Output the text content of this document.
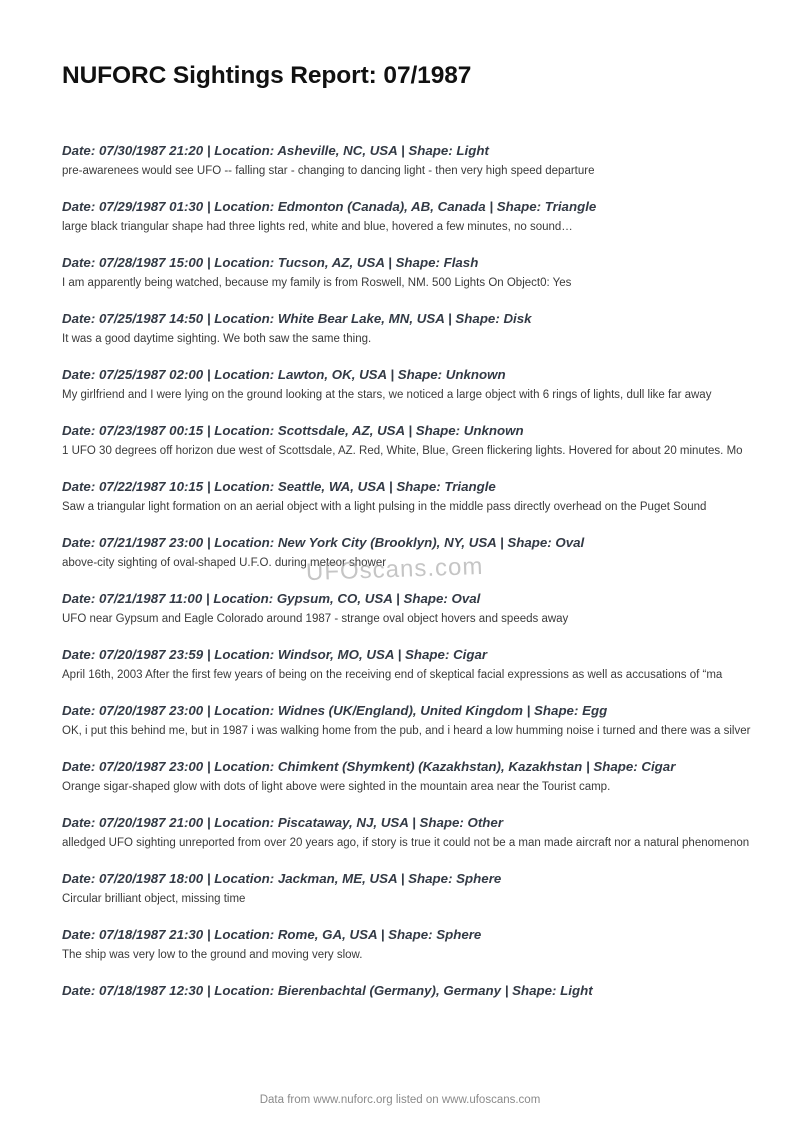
NUFORC Sightings Report: 07/1987

Date: 07/30/1987 21:20 | Location: Asheville, NC, USA | Shape: Light

pre-awarenees would see UFO -- falling star - changing to dancing light - then very high speed departure

Date: 07/29/1987 01:30 | Location: Edmonton (Canada), AB, Canada | Shape: Triangle

large black triangular shape had three lights red, white and blue, hovered a few minutes, no sound…

Date: 07/28/1987 15:00 | Location: Tucson, AZ, USA | Shape: Flash

I am apparently being watched, because my family is from Roswell, NM. 500 Lights On Object0: Yes

Date: 07/25/1987 14:50 | Location: White Bear Lake, MN, USA | Shape: Disk

It was a good daytime sighting. We both saw the same thing.

Date: 07/25/1987 02:00 | Location: Lawton, OK, USA | Shape: Unknown

My girlfriend and I were lying on the ground looking at the stars, we noticed a large object with 6 rings of lights, dull like far away

Date: 07/23/1987 00:15 | Location: Scottsdale, AZ, USA | Shape: Unknown

1 UFO 30 degrees off horizon due west of Scottsdale, AZ. Red, White, Blue, Green flickering lights. Hovered for about 20 minutes. Mo

Date: 07/22/1987 10:15 | Location: Seattle, WA, USA | Shape: Triangle

Saw a triangular light formation on an aerial object with a light pulsing in the middle pass directly overhead on the Puget Sound

Date: 07/21/1987 23:00 | Location: New York City (Brooklyn), NY, USA | Shape: Oval

above-city sighting of oval-shaped U.F.O. during meteor shower

Date: 07/21/1987 11:00 | Location: Gypsum, CO, USA | Shape: Oval

UFO near Gypsum and Eagle Colorado around 1987 - strange oval object hovers and speeds away

Date: 07/20/1987 23:59 | Location: Windsor, MO, USA | Shape: Cigar

April 16th, 2003 After the first few years of being on the receiving end of skeptical facial expressions as well as accusations of “ma

Date: 07/20/1987 23:00 | Location: Widnes (UK/England), United Kingdom | Shape: Egg

OK, i put this behind me, but in 1987 i was walking home from the pub, and i heard a low humming noise i turned and there was a silver

Date: 07/20/1987 23:00 | Location: Chimkent (Shymkent) (Kazakhstan), Kazakhstan | Shape: Cigar

Orange sigar-shaped glow with dots of light above were sighted in the mountain area near the Tourist camp.

Date: 07/20/1987 21:00 | Location: Piscataway, NJ, USA | Shape: Other

alledged UFO sighting unreported from over 20 years ago, if story is true it could not be a man made aircraft nor a natural phenomenon

Date: 07/20/1987 18:00 | Location: Jackman, ME, USA | Shape: Sphere

Circular brilliant object, missing time

Date: 07/18/1987 21:30 | Location: Rome, GA, USA | Shape: Sphere

The ship was very low to the ground and moving very slow.

Date: 07/18/1987 12:30 | Location: Bierenbachtal (Germany), Germany | Shape: Light

UFOscans.com
Data from www.nuforc.org listed on www.ufoscans.com
